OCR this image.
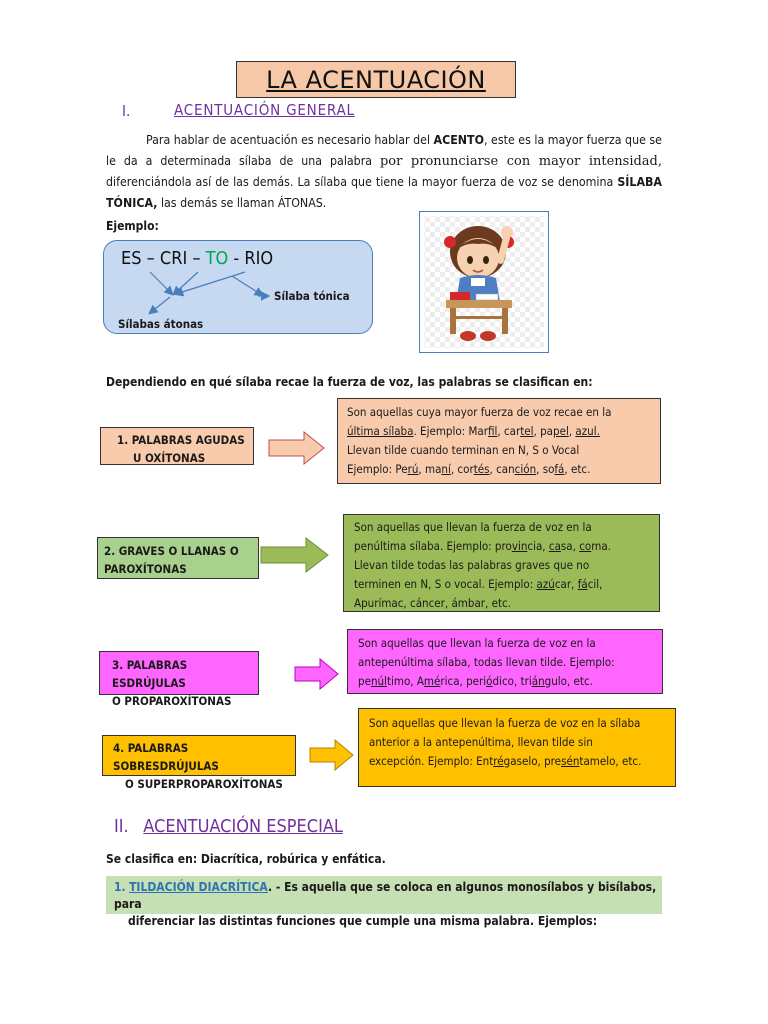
LA ACENTUACIÓN
I.	ACENTUACIÓN GENERAL
Para hablar de acentuación es necesario hablar del ACENTO, este es la mayor fuerza que se le da a determinada sílaba de una palabra por pronunciarse con mayor intensidad, diferenciándola así de las demás. La sílaba que tiene la mayor fuerza de voz se denomina SÍLABA TÓNICA, las demás se llaman ÁTONAS.
Ejemplo:
ES – CRI – TO - RIO
Sílaba tónica
Sílabas átonas
Dependiendo en qué sílaba recae la fuerza de voz, las palabras se clasifican en:
1. PALABRAS AGUDAS
U OXÍTONAS
Son aquellas cuya mayor fuerza de voz recae en la
última sílaba. Ejemplo: Marfil, cartel, papel, azul.
Llevan tilde cuando terminan en N, S o Vocal
Ejemplo: Perú, maní, cortés, canción, sofá, etc.
2. GRAVES O LLANAS O
PAROXÍTONAS
Son aquellas que llevan la fuerza de voz en la
penúltima sílaba. Ejemplo: provincia, casa, coma.
Llevan tilde todas las palabras graves que no
terminen en N, S o vocal. Ejemplo: azúcar, fácil,
Apurímac, cáncer, ámbar, etc.
3. PALABRAS ESDRÚJULAS
O PROPAROXÍTONAS
Son aquellas que llevan la fuerza de voz en la
antepenúltima sílaba, todas llevan tilde. Ejemplo:
penúltimo, América, periódico, triángulo, etc.
4. PALABRAS SOBRESDRÚJULAS
O SUPERPROPAROXÍTONAS
Son aquellas que llevan la fuerza de voz en la sílaba
anterior a la antepenúltima, llevan tilde sin
excepción. Ejemplo: Entrégaselo, preséntamelo, etc.
II. ACENTUACIÓN ESPECIAL
Se clasifica en: Diacrítica, robúrica y enfática.
1. TILDACIÓN DIACRÍTICA. - Es aquella que se coloca en algunos monosílabos y bisílabos, para
diferenciar las distintas funciones que cumple una misma palabra. Ejemplos:
